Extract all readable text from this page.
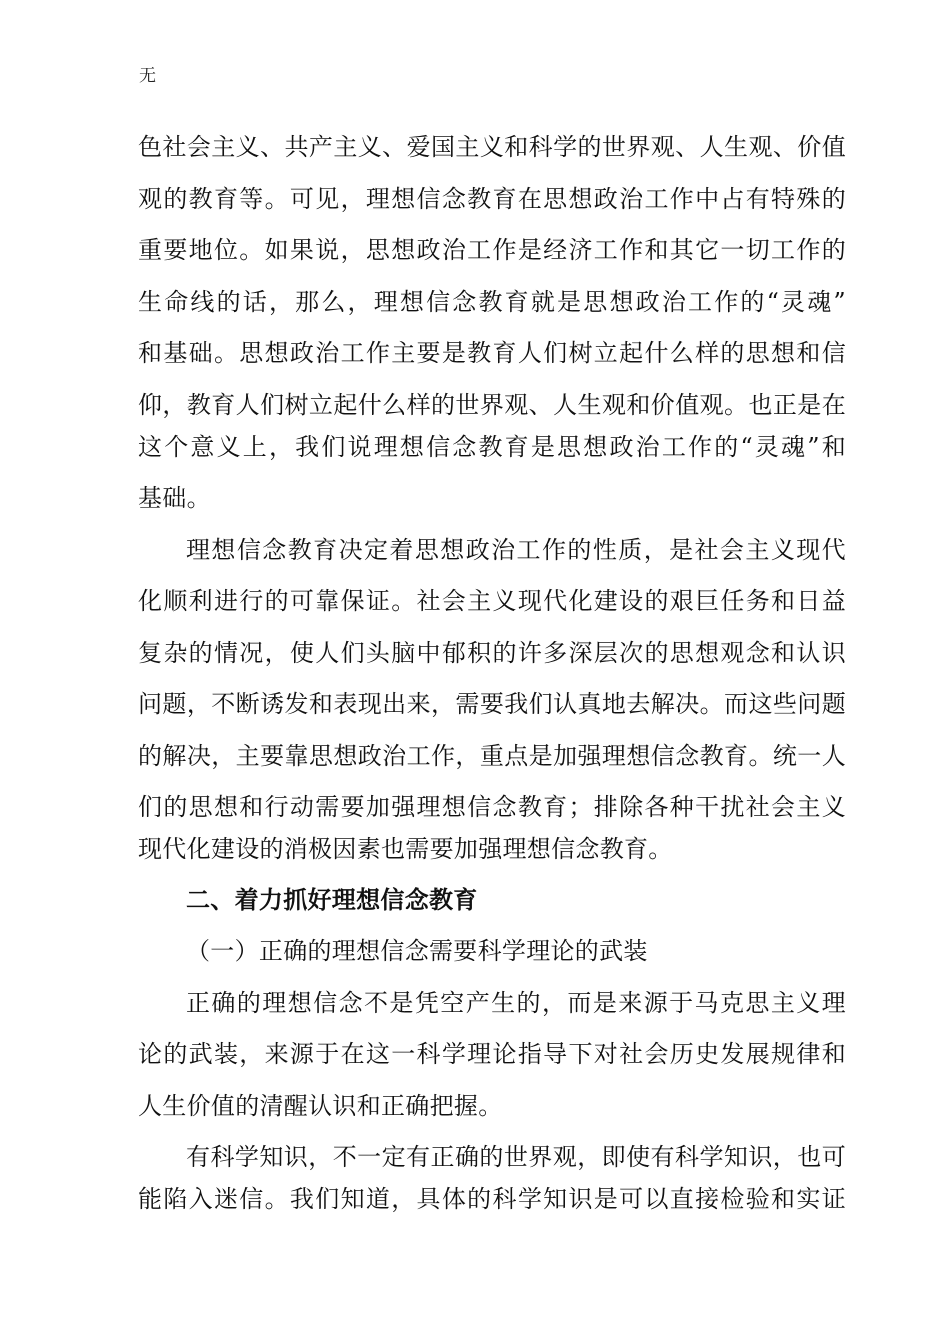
无
色社会主义、共产主义、爱国主义和科学的世界观、人生观、价值
观的教育等。可见，理想信念教育在思想政治工作中占有特殊的
重要地位。如果说，思想政治工作是经济工作和其它一切工作的
生命线的话，那么，理想信念教育就是思想政治工作的“灵魂”
和基础。思想政治工作主要是教育人们树立起什么样的思想和信
仰，教育人们树立起什么样的世界观、人生观和价值观。也正是在
这个意义上，我们说理想信念教育是思想政治工作的“灵魂”和
基础。
理想信念教育决定着思想政治工作的性质，是社会主义现代
化顺利进行的可靠保证。社会主义现代化建设的艰巨任务和日益
复杂的情况，使人们头脑中郁积的许多深层次的思想观念和认识
问题，不断诱发和表现出来，需要我们认真地去解决。而这些问题
的解决，主要靠思想政治工作，重点是加强理想信念教育。统一人
们的思想和行动需要加强理想信念教育；排除各种干扰社会主义
现代化建设的消极因素也需要加强理想信念教育。
二、着力抓好理想信念教育
（一）正确的理想信念需要科学理论的武装
正确的理想信念不是凭空产生的，而是来源于马克思主义理
论的武装，来源于在这一科学理论指导下对社会历史发展规律和
人生价值的清醒认识和正确把握。
有科学知识，不一定有正确的世界观，即使有科学知识，也可
能陷入迷信。我们知道，具体的科学知识是可以直接检验和实证
